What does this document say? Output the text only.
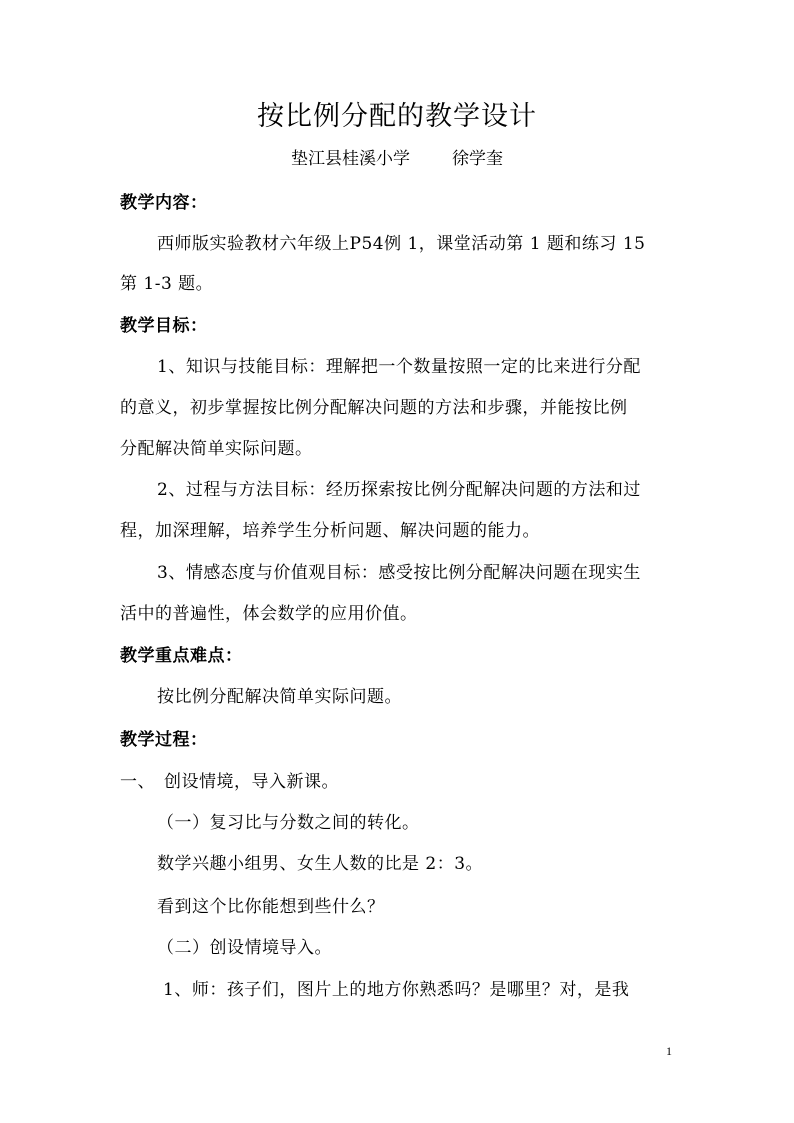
按比例分配的教学设计
垫江县桂溪小学 徐学奎
教学内容：
西师版实验教材六年级上P54例 1，课堂活动第 1 题和练习 15
第 1-3 题。
教学目标：
1、知识与技能目标：理解把一个数量按照一定的比来进行分配
的意义，初步掌握按比例分配解决问题的方法和步骤，并能按比例
分配解决简单实际问题。
2、过程与方法目标：经历探索按比例分配解决问题的方法和过
程，加深理解，培养学生分析问题、解决问题的能力。
3、情感态度与价值观目标：感受按比例分配解决问题在现实生
活中的普遍性，体会数学的应用价值。
教学重点难点：
按比例分配解决简单实际问题。
教学过程：
一、　创设情境，导入新课。
（一）复习比与分数之间的转化。
数学兴趣小组男、女生人数的比是 2：3。
看到这个比你能想到些什么？
（二）创设情境导入。
1、师：孩子们，图片上的地方你熟悉吗？是哪里？对，是我
1
